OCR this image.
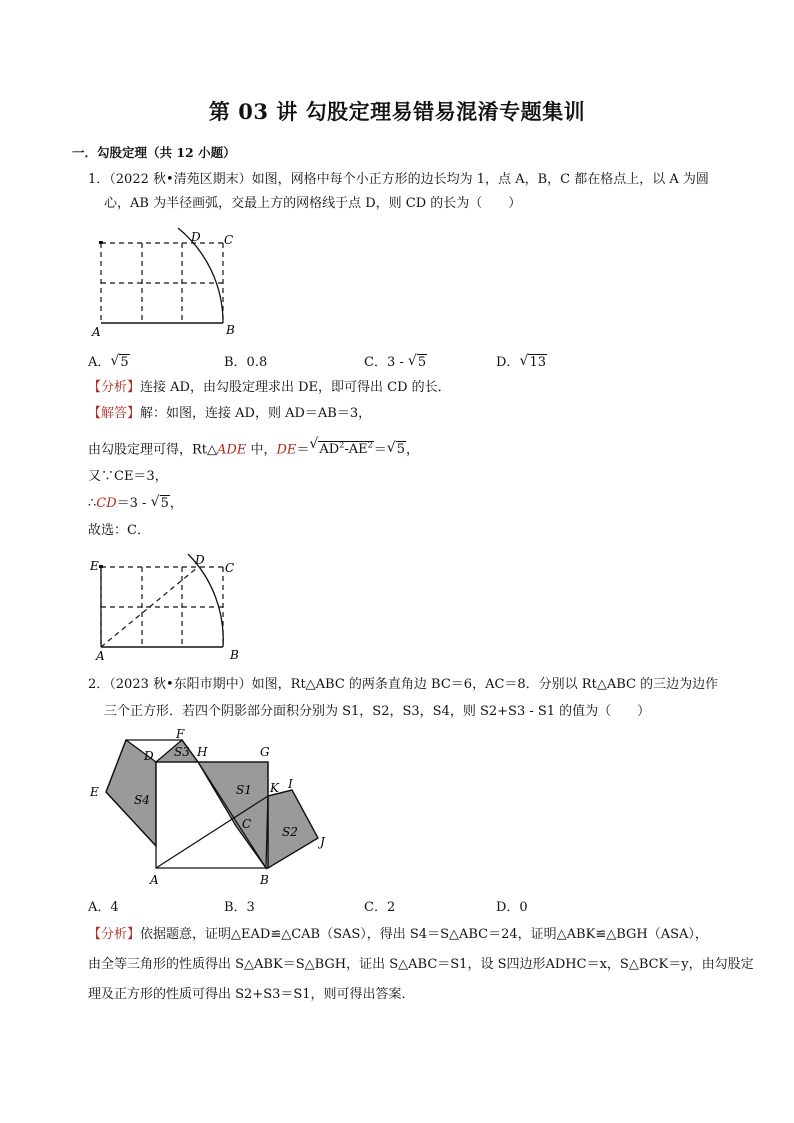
第 03 讲 勾股定理易错易混淆专题集训
一．勾股定理（共 12 小题）
1．（2022 秋•清苑区期末）如图，网格中每个小正方形的边长均为 1，点 A，B，C 都在格点上，以 A 为圆
心，AB 为半径画弧，交最上方的网格线于点 D，则 CD 的长为（　　）
D C
A	B
A． √ 5	B．0.8	C．3 - √ 5	D． √ 13
【分析】连接 AD，由勾股定理求出 DE，即可得出 CD 的长．
【解答】解：如图，连接 AD，则 AD＝AB＝3，
由勾股定理可得，Rt△ADE 中，DE＝ √ $AD^2-AE^2=$ √ 5，
又∵CE＝3，
∴CD＝3 - √ 5，
故选：C．
E	D
C
A	B
2．（2023 秋•东阳市期中）如图，Rt△ABC 的两条直角边 BC＝6，AC＝8．分别以 Rt△ABC 的三边为边作
三个正方形．若四个阴影部分面积分别为 S1，S2，S3，S4，则 S2+S3 - S1 的值为（　　）
F
D S3 H	G
E
S4
S1 K I
C
S2
J
A	B
A．4	B．3	C．2	D．0
【分析】依据题意，证明△EAD≌△CAB（SAS），得出 S4＝S△ABC＝24，证明△ABK≌△BGH（ASA），
由全等三角形的性质得出 S△ABK＝S△BGH，证出 S△ABC＝S1，设 S四边形ADHC＝x，S△BCK＝y，由勾股定
理及正方形的性质可得出 S2+S3＝S1，则可得出答案．
